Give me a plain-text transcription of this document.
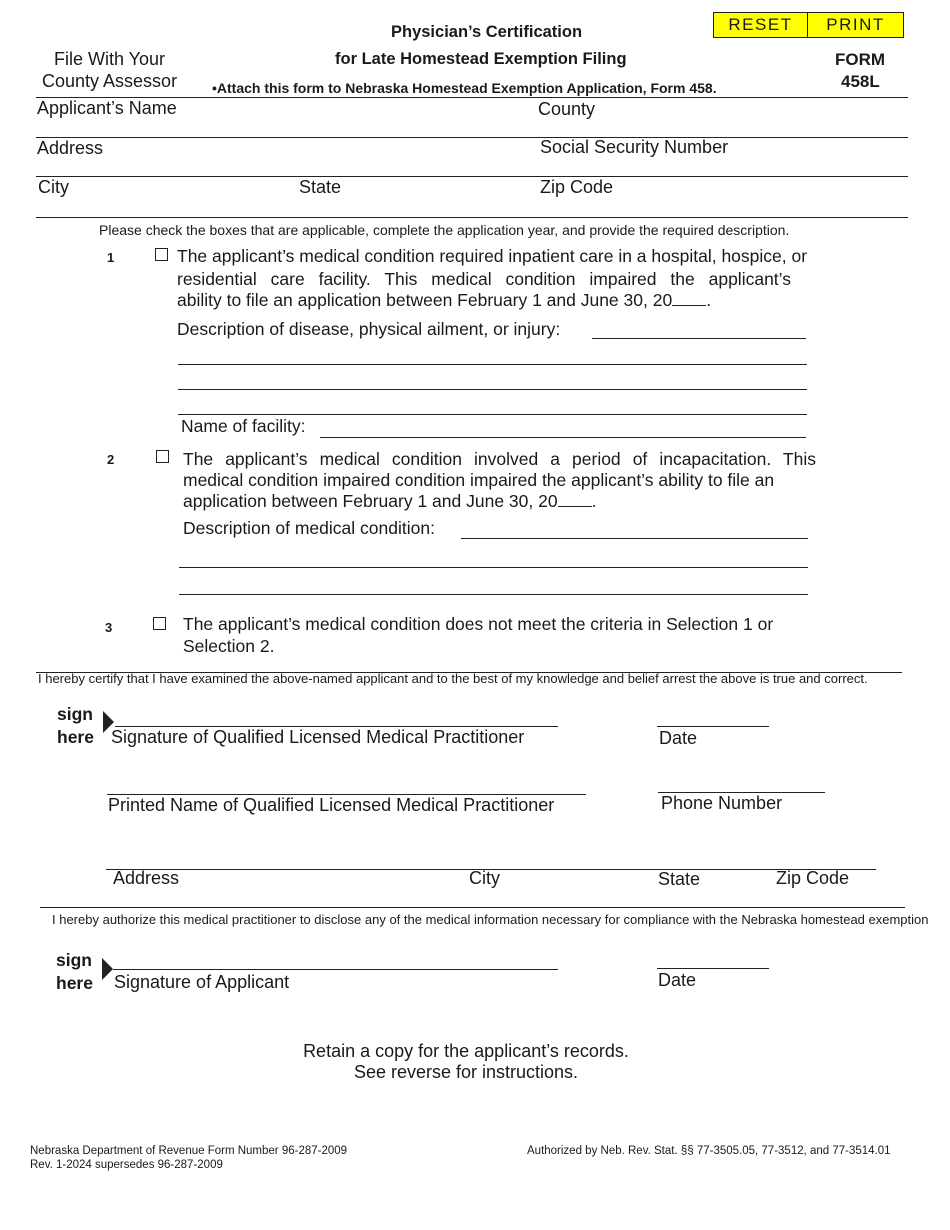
File With Your
County Assessor
Physician’s Certification
for Late Homestead Exemption Filing
•Attach this form to Nebraska Homestead Exemption Application, Form 458.
RESET	PRINT
FORM
458L
Applicant’s Name	County
Address	Social Security Number
City	State	Zip Code
Please check the boxes that are applicable, complete the application year, and provide the required description.
1	The applicant’s medical condition required inpatient care in a hospital, hospice, or
residential care facility. This medical condition impaired the applicant’s
ability to file an application between February 1 and June 30, 20 .
Description of disease, physical ailment, or injury:
Name of facility:
2	The applicant’s medical condition involved a period of incapacitation. This
medical condition impaired condition impaired the applicant’s ability to file an
application between February 1 and June 30, 20 .
Description of medical condition:
3	The applicant’s medical condition does not meet the criteria in Selection 1 or
Selection 2.
I hereby certify that I have examined the above-named applicant and to the best of my knowledge and belief arrest the above is true and correct.
sign
here Signature of Qualified Licensed Medical Practitioner	Date
Printed Name of Qualified Licensed Medical Practitioner	Phone Number
Address	City	State	Zip Code
I hereby authorize this medical practitioner to disclose any of the medical information necessary for compliance with the Nebraska homestead exemption
sign
here Signature of Applicant	Date
Retain a copy for the applicant’s records.
See reverse for instructions.
Nebraska Department of Revenue Form Number 96-287-2009
Rev. 1-2024 supersedes 96-287-2009
Authorized by Neb. Rev. Stat. §§ 77-3505.05, 77-3512, and 77-3514.01
